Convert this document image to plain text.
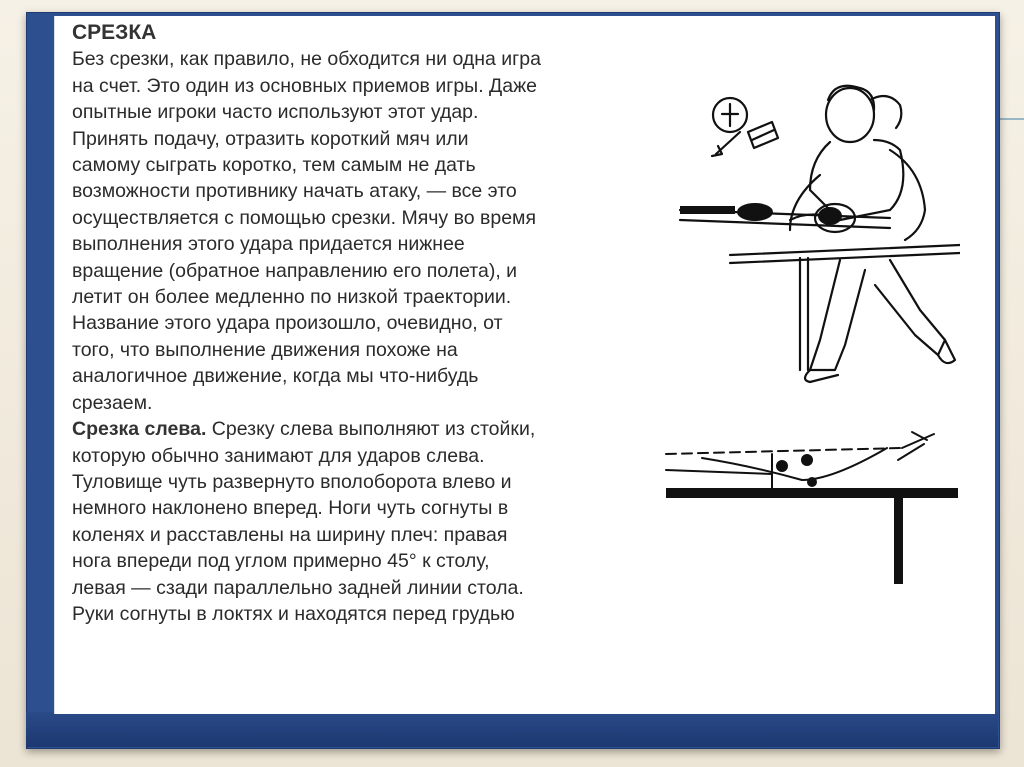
СРЕЗКА
Без срезки, как правило, не обходится ни одна игра
на счет. Это один из основных приемов игры. Даже
опытные игроки часто используют этот удар.
Принять подачу, отразить короткий мяч или
самому сыграть коротко, тем самым не дать
возможности противнику начать атаку, — все это
осуществляется с помощью срезки. Мячу во время
выполнения этого удара придается нижнее
вращение (обратное направлению его полета), и
летит он более медленно по низкой траектории.
Название этого удара произошло, очевидно, от
того, что выполнение движения похоже на
аналогичное движение, когда мы что-нибудь
срезаем.
Срезка слева. Срезку слева выполняют из стойки,
которую обычно занимают для ударов слева.
Туловище чуть развернуто вполоборота влево и
немного наклонено вперед. Ноги чуть согнуты в
коленях и расставлены на ширину плеч: правая
нога впереди под углом примерно 45° к столу,
левая — сзади параллельно задней линии стола.
Руки согнуты в локтях и находятся перед грудью
